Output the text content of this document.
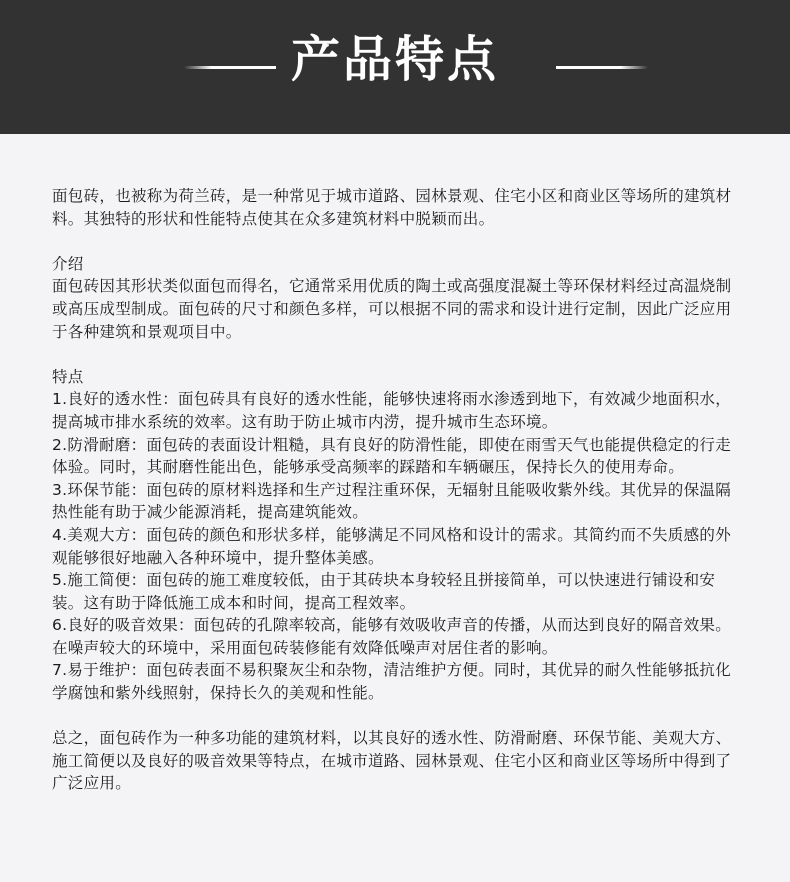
产品特点

面包砖，也被称为荷兰砖，是一种常见于城市道路、园林景观、住宅小区和商业区等场所的建筑材料。其独特的形状和性能特点使其在众多建筑材料中脱颖而出。

介绍

面包砖因其形状类似面包而得名，它通常采用优质的陶土或高强度混凝土等环保材料经过高温烧制或高压成型制成。面包砖的尺寸和颜色多样，可以根据不同的需求和设计进行定制，因此广泛应用于各种建筑和景观项目中。

特点

1.良好的透水性：面包砖具有良好的透水性能，能够快速将雨水渗透到地下，有效减少地面积水，提高城市排水系统的效率。这有助于防止城市内涝，提升城市生态环境。

2.防滑耐磨：面包砖的表面设计粗糙，具有良好的防滑性能，即使在雨雪天气也能提供稳定的行走体验。同时，其耐磨性能出色，能够承受高频率的踩踏和车辆碾压，保持长久的使用寿命。

3.环保节能：面包砖的原材料选择和生产过程注重环保，无辐射且能吸收紫外线。其优异的保温隔热性能有助于减少能源消耗，提高建筑能效。

4.美观大方：面包砖的颜色和形状多样，能够满足不同风格和设计的需求。其简约而不失质感的外观能够很好地融入各种环境中，提升整体美感。

5.施工简便：面包砖的施工难度较低，由于其砖块本身较轻且拼接简单，可以快速进行铺设和安装。这有助于降低施工成本和时间，提高工程效率。

6.良好的吸音效果：面包砖的孔隙率较高，能够有效吸收声音的传播，从而达到良好的隔音效果。在噪声较大的环境中，采用面包砖装修能有效降低噪声对居住者的影响。

7.易于维护：面包砖表面不易积聚灰尘和杂物，清洁维护方便。同时，其优异的耐久性能够抵抗化学腐蚀和紫外线照射，保持长久的美观和性能。

总之，面包砖作为一种多功能的建筑材料，以其良好的透水性、防滑耐磨、环保节能、美观大方、施工简便以及良好的吸音效果等特点，在城市道路、园林景观、住宅小区和商业区等场所中得到了广泛应用。
